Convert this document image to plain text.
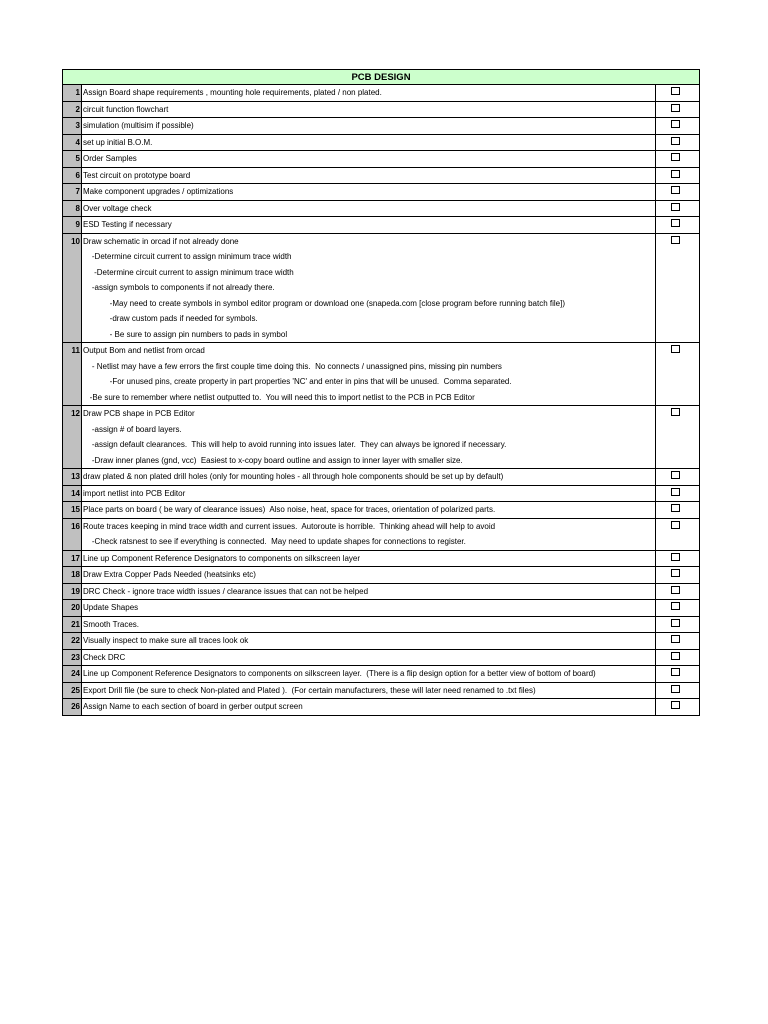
PCB DESIGN
1 Assign Board shape requirements , mounting hole requirements, plated / non plated.
2 circuit function flowchart
3 simulation (multisim if possible)
4 set up initial B.O.M.
5 Order Samples
6 Test circuit on prototype board
7 Make component upgrades / optimizations
8 Over voltage check
9 ESD Testing if necessary
10 Draw schematic in orcad if not already done
-Determine circuit current to assign minimum trace width
-Determine circuit current to assign minimum trace width
-assign symbols to components if not already there.
-May need to create symbols in symbol editor program or download one (snapeda.com [close program before running batch file])
-draw custom pads if needed for symbols.
- Be sure to assign pin numbers to pads in symbol
11 Output Bom and netlist from orcad
- Netlist may have a few errors the first couple time doing this.  No connects / unassigned pins, missing pin numbers
-For unused pins, create property in part properties 'NC' and enter in pins that will be unused.  Comma separated.
-Be sure to remember where netlist outputted to.  You will need this to import netlist to the PCB in PCB Editor
12 Draw PCB shape in PCB Editor
-assign # of board layers.
-assign default clearances.  This will help to avoid running into issues later.  They can always be ignored if necessary.
-Draw inner planes (gnd, vcc)  Easiest to x-copy board outline and assign to inner layer with smaller size.
13 draw plated & non plated drill holes (only for mounting holes - all through hole components should be set up by default)
14 import netlist into PCB Editor
15 Place parts on board ( be wary of clearance issues)  Also noise, heat, space for traces, orientation of polarized parts.
16 Route traces keeping in mind trace width and current issues.  Autoroute is horrible.  Thinking ahead will help to avoid
-Check ratsnest to see if everything is connected.  May need to update shapes for connections to register.
17 Line up Component Reference Designators to components on silkscreen layer
18 Draw Extra Copper Pads Needed (heatsinks etc)
19 DRC Check - ignore trace width issues / clearance issues that can not be helped
20 Update Shapes
21 Smooth Traces.
22 Visually inspect to make sure all traces look ok
23 Check DRC
24 Line up Component Reference Designators to components on silkscreen layer.  (There is a flip design option for a better view of bottom of board)
25 Export Drill file (be sure to check Non-plated and Plated ).  (For certain manufacturers, these will later need renamed to .txt files)
26 Assign Name to each section of board in gerber output screen
